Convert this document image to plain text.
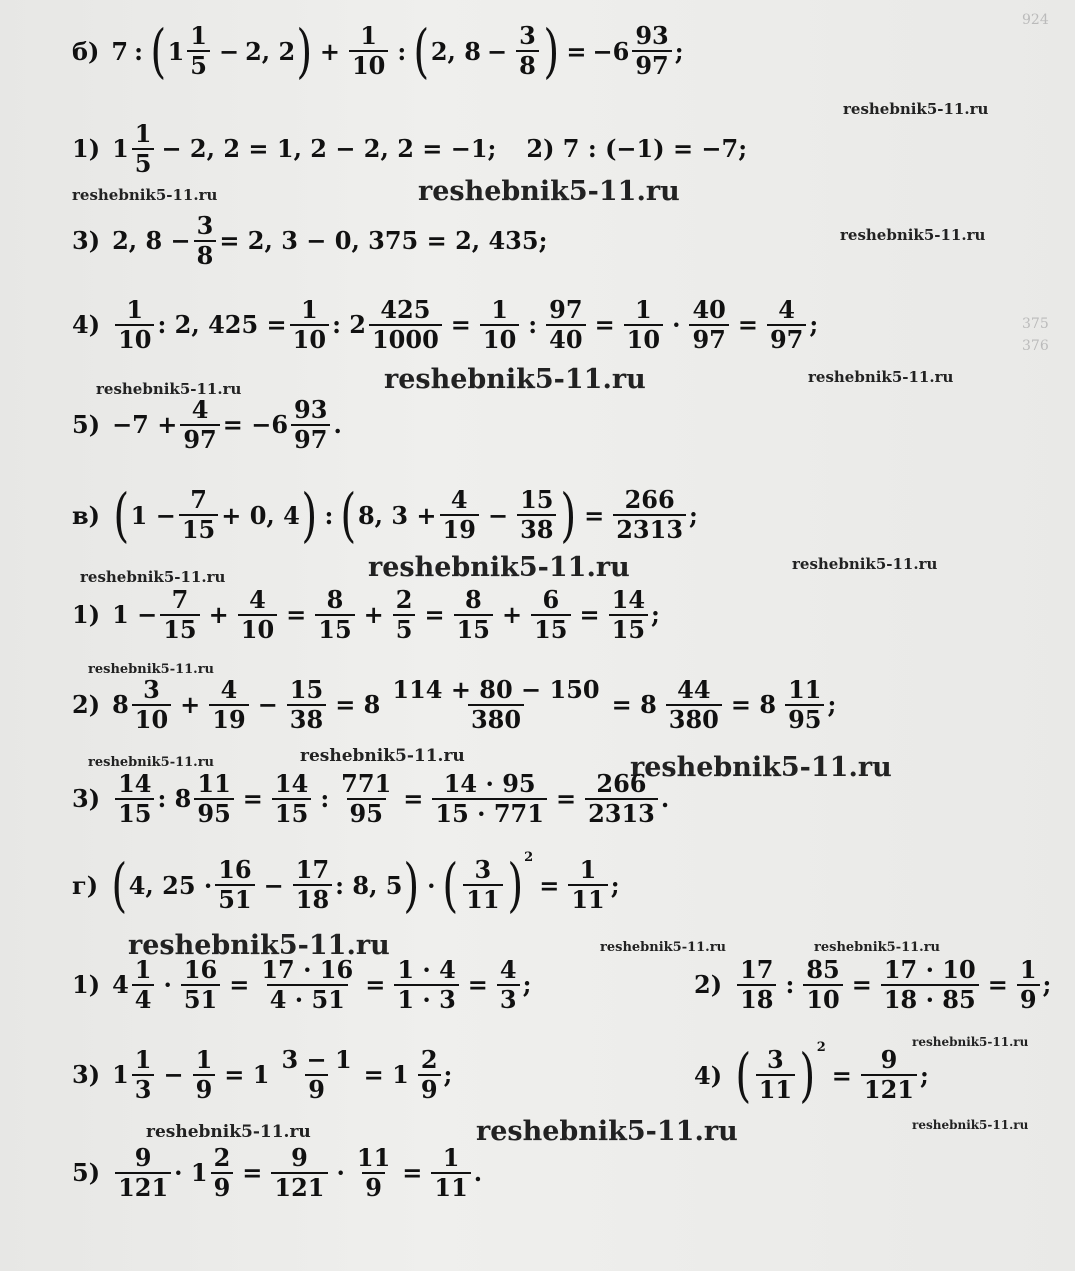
924
375
376
б) 7 : ( $1 \frac{1}{5} - 2$, 2 ) + $\frac{1}{10}$ : ( 2, $8 - \frac{3}{8}$ ) = $-6 \frac{93}{97}$ ;
reshebnik5-11.ru
1) $1 \frac{1}{5} - 2$, 2 = 1, 2 − 2, 2 = −1; 2) 7 : (−1) = −7;
reshebnik5-11.ru	reshebnik5-11.ru
3) 2, $8 - \frac{3}{8} = 2$, 3 − 0, 375 = 2, 435;	reshebnik5-11.ru
$4) \frac{1}{10}$ : 2, $425 = \frac{1}{10}$ : $2 \frac{425}{1000} = \frac{1}{10}$ : $\frac{97}{40} = \frac{1}{10} \cdot \frac{40}{97} = \frac{4}{97}$ ;
reshebnik5-11.ru	reshebnik5-11.ru	reshebnik5-11.ru
$5) -7 + \frac{4}{97} = -6 \frac{93}{97}$ .
в) ( $1 - \frac{7}{15} + 0$, 4 ) : ( 8, $3 + \frac{4}{19} - \frac{15}{38}$ ) = $\frac{266}{2313}$ ;
reshebnik5-11.ru	reshebnik5-11.ru	reshebnik5-11.ru
1) $1 - \frac{7}{15} + \frac{4}{10} = \frac{8}{15} + \frac{2}{5} = \frac{8}{15} + \frac{6}{15} = \frac{14}{15}$ ;
reshebnik5-11.ru
2) $8 \frac{3}{10} + \frac{4}{19} - \frac{15}{38} = 8 \frac{114 + 80 - 150}{380} = 8 \frac{44}{380} = 8 \frac{11}{95}$ ;
reshebnik5-11.ru	reshebnik5-11.ru	reshebnik5-11.ru
$3) \frac{14}{15}$ : $8 \frac{11}{95} = \frac{14}{15}$ : $\frac{771}{95} = \frac{14 \cdot 95}{15 \cdot 771} = \frac{266}{2313}$ .
г) ( 4, $25 \cdot \frac{16}{51} - \frac{17}{18}$ : 8, 5 ) · ( $\frac{3}{11}$ ) 2
= $\frac{1}{11}$ ;
reshebnik5-11.ru	reshebnik5-11.ru	reshebnik5-11.ru
1) $4 \frac{1}{4} \cdot \frac{16}{51} = \frac{17 \cdot 16}{4 \cdot 51} = \frac{1 \cdot 4}{1 \cdot 3} = \frac{4}{3}$ ;	$2) \frac{17}{18}$ : $\frac{85}{10} = \frac{17 \cdot 10}{18 \cdot 85} = \frac{1}{9}$ ;
reshebnik5-11.ru
3) $1 \frac{1}{3} - \frac{1}{9} = 1 \frac{3 - 1}{9} = 1 \frac{2}{9}$ ;	4) ( $\frac{3}{11}$ ) 2
= $\frac{9}{121}$ ;
reshebnik5-11.ru	reshebnik5-11.ru	reshebnik5-11.ru
$5) \frac{9}{121} \cdot 1 \frac{2}{9} = \frac{9}{121} \cdot \frac{11}{9} = \frac{1}{11}$ .
